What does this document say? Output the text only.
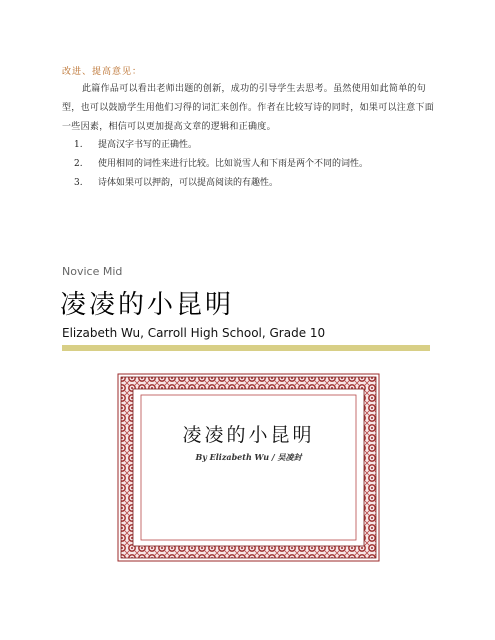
改进、提高意见：

此篇作品可以看出老师出题的创新，成功的引导学生去思考。虽然使用如此简单的句型，也可以鼓励学生用他们习得的词汇来创作。作者在比较写诗的同时，如果可以注意下面一些因素，相信可以更加提高文章的逻辑和正确度。

1.	提高汉字书写的正确性。
2.	使用相同的词性来进行比较。比如说雪人和下雨是两个不同的词性。
3.	诗体如果可以押韵，可以提高阅读的有趣性。
Novice Mid
凌凌的小昆明
Elizabeth Wu, Carroll High School, Grade 10
凌凌的小昆明
By Elizabeth Wu / 吴凌封
